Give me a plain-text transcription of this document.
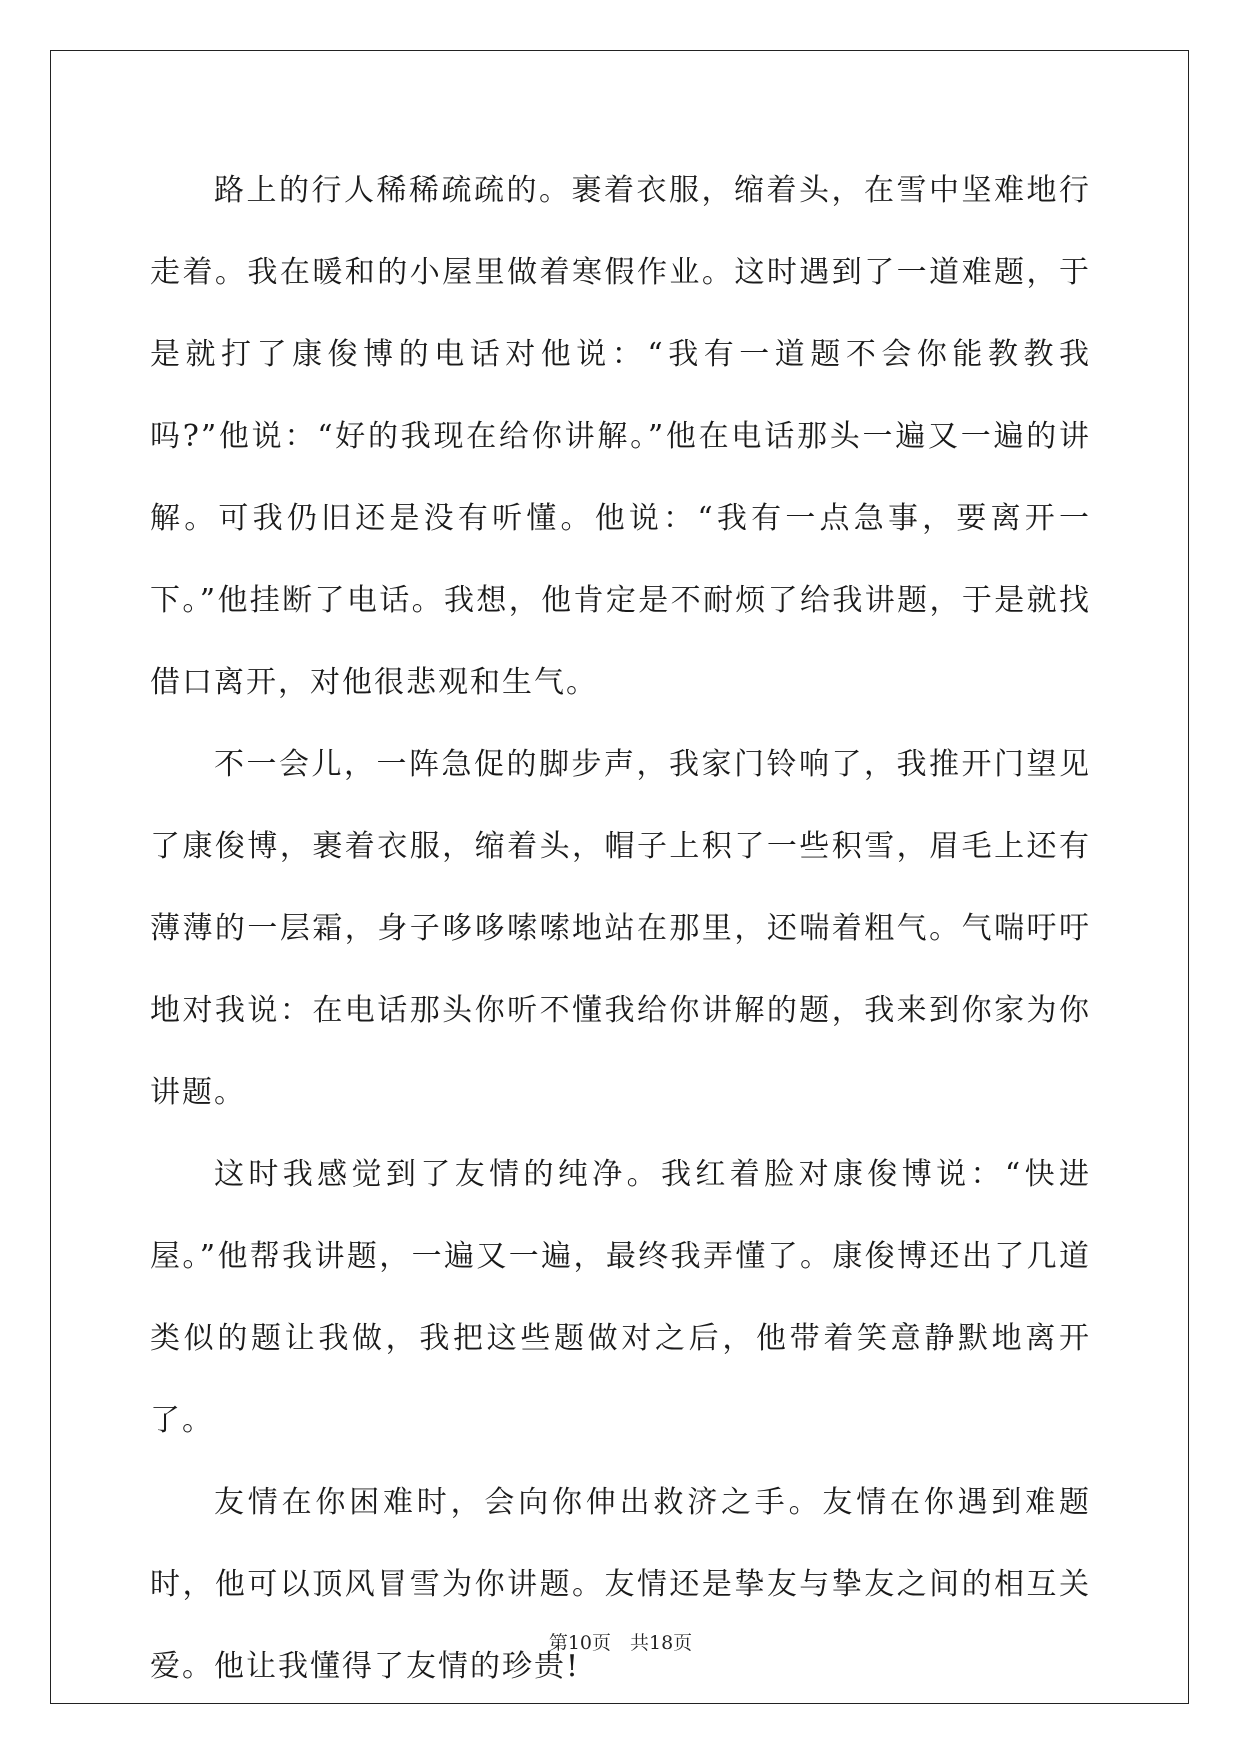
路上的行人稀稀疏疏的。裹着衣服，缩着头，在雪中坚难地行走着。我在暖和的小屋里做着寒假作业。这时遇到了一道难题，于是就打了康俊博的电话对他说：“我有一道题不会你能教教我吗?”他说：“好的我现在给你讲解。”他在电话那头一遍又一遍的讲解。可我仍旧还是没有听懂。他说：“我有一点急事，要离开一下。”他挂断了电话。我想，他肯定是不耐烦了给我讲题，于是就找借口离开，对他很悲观和生气。

不一会儿，一阵急促的脚步声，我家门铃响了，我推开门望见了康俊博，裹着衣服，缩着头，帽子上积了一些积雪，眉毛上还有薄薄的一层霜，身子哆哆嗦嗦地站在那里，还喘着粗气。气喘吁吁地对我说：在电话那头你听不懂我给你讲解的题，我来到你家为你讲题。

这时我感觉到了友情的纯净。我红着脸对康俊博说：“快进屋。”他帮我讲题，一遍又一遍，最终我弄懂了。康俊博还出了几道类似的题让我做，我把这些题做对之后，他带着笑意静默地离开了。

友情在你困难时，会向你伸出救济之手。友情在你遇到难题时，他可以顶风冒雪为你讲题。友情还是挚友与挚友之间的相互关爱。他让我懂得了友情的珍贵!

第10页　共18页
